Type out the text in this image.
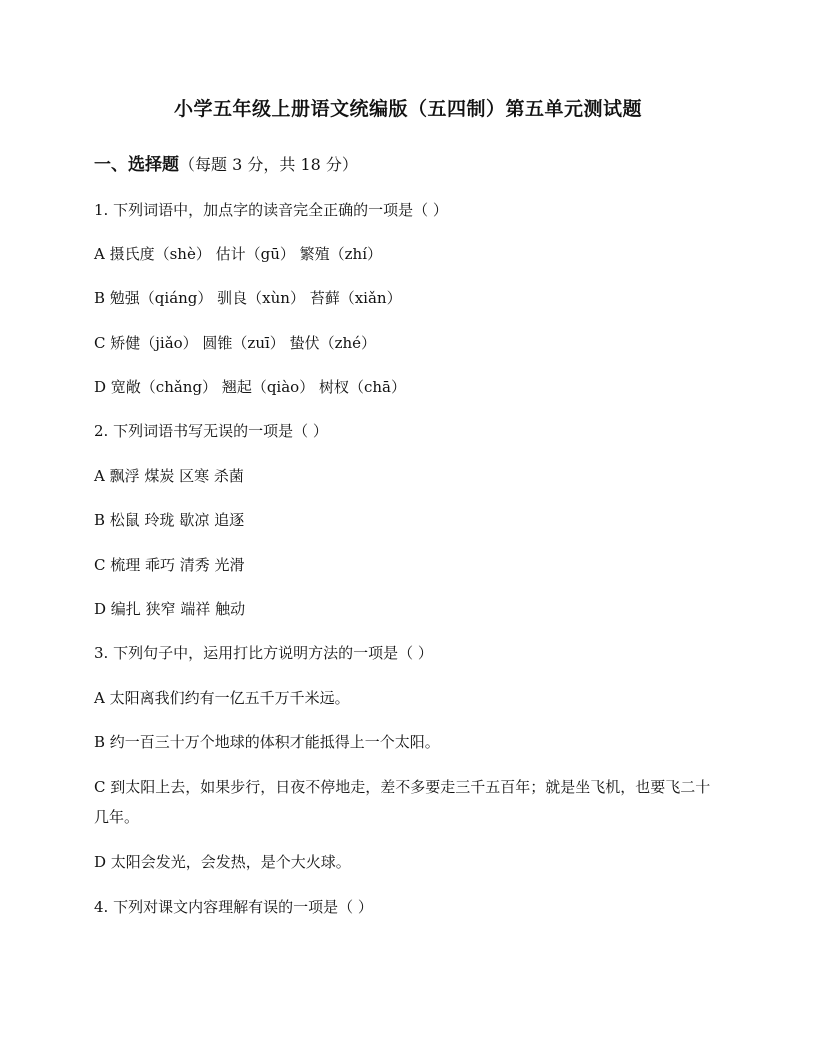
小学五年级上册语文统编版（五四制）第五单元测试题
一、选择题（每题 3 分，共 18 分）
1. 下列词语中，加点字的读音完全正确的一项是（ ）
A 摄氏度（shè） 估计（gū） 繁殖（zhí）
B 勉强（qiáng） 驯良（xùn） 苔藓（xiǎn）
C 矫健（jiǎo） 圆锥（zuī） 蛰伏（zhé）
D 宽敞（chǎng） 翘起（qiào） 树杈（chā）
2. 下列词语书写无误的一项是（ ）
A 飘浮 煤炭 区寒 杀菌
B 松鼠 玲珑 歇凉 追逐
C 梳理 乖巧 清秀 光滑
D 编扎 狭窄 端祥 触动
3. 下列句子中，运用打比方说明方法的一项是（ ）
A 太阳离我们约有一亿五千万千米远。
B 约一百三十万个地球的体积才能抵得上一个太阳。
C 到太阳上去，如果步行，日夜不停地走，差不多要走三千五百年；就是坐飞机，也要飞二十几年。
D 太阳会发光，会发热，是个大火球。
4. 下列对课文内容理解有误的一项是（ ）
